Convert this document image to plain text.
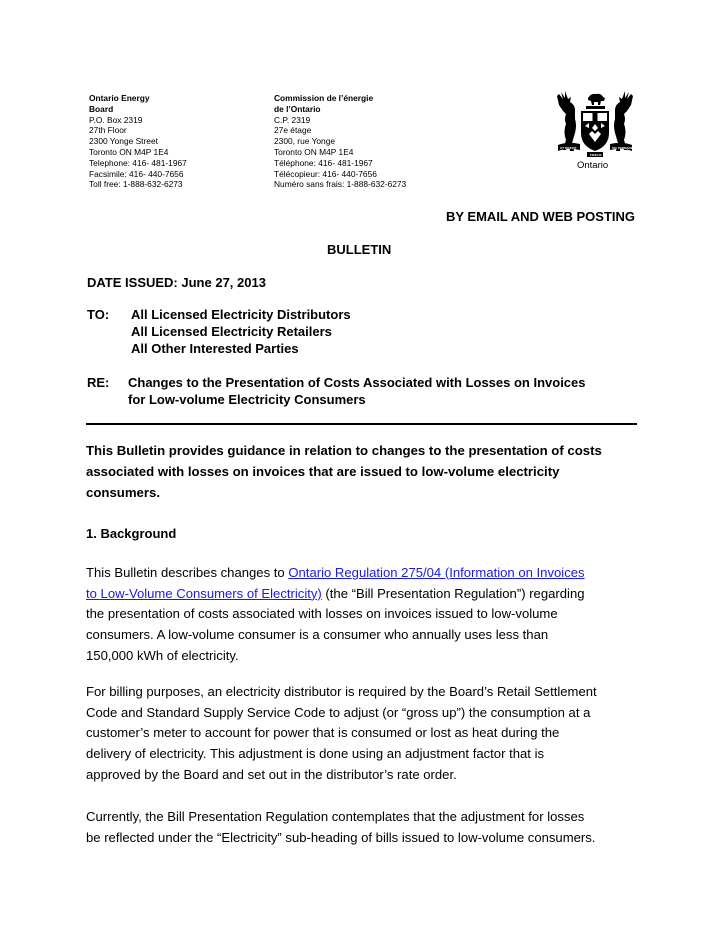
Ontario Energy
Board
P.O. Box 2319
27th Floor
2300 Yonge Street
Toronto ON M4P 1E4
Telephone: 416- 481-1967
Facsimile: 416- 440-7656
Toll free: 1-888-632-6273
Commission de l’énergie
de l’Ontario
C.P. 2319
27e étage
2300, rue Yonge
Toronto ON M4P 1E4
Téléphone: 416- 481-1967
Télécopieur: 416- 440-7656
Numéro sans frais: 1-888-632-6273
UT INCEPIT	SIC PERMANET
FIDELIS
Ontario
BY EMAIL AND WEB POSTING
BULLETIN
DATE ISSUED: June 27, 2013
TO: All Licensed Electricity Distributors
All Licensed Electricity Retailers
All Other Interested Parties
RE: Changes to the Presentation of Costs Associated with Losses on Invoices
for Low-volume Electricity Consumers
This Bulletin provides guidance in relation to changes to the presentation of costs
associated with losses on invoices that are issued to low-volume electricity
consumers.
1. Background
This Bulletin describes changes to Ontario Regulation 275/04 (Information on Invoices
to Low-Volume Consumers of Electricity) (the “Bill Presentation Regulation”) regarding
the presentation of costs associated with losses on invoices issued to low-volume
consumers. A low-volume consumer is a consumer who annually uses less than
150,000 kWh of electricity.
For billing purposes, an electricity distributor is required by the Board’s Retail Settlement
Code and Standard Supply Service Code to adjust (or “gross up”) the consumption at a
customer’s meter to account for power that is consumed or lost as heat during the
delivery of electricity. This adjustment is done using an adjustment factor that is
approved by the Board and set out in the distributor’s rate order.
Currently, the Bill Presentation Regulation contemplates that the adjustment for losses
be reflected under the “Electricity” sub-heading of bills issued to low-volume consumers.
